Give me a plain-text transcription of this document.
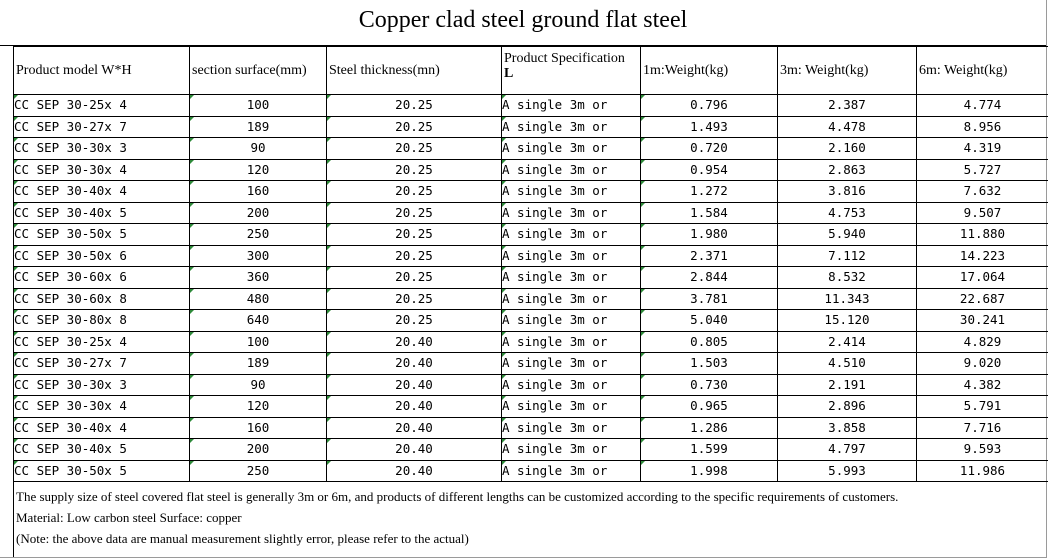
Copper clad steel ground flat steel
Product model W*H	section surface(mm)	Steel thickness(mn)	Product Specification
L	1m:Weight(kg)	3m: Weight(kg)	6m: Weight(kg)
CC SEP 30-25x 4	100	20.25	A single 3m or	0.796	2.387	4.774
CC SEP 30-27x 7	189	20.25	A single 3m or	1.493	4.478	8.956
CC SEP 30-30x 3	90	20.25	A single 3m or	0.720	2.160	4.319
CC SEP 30-30x 4	120	20.25	A single 3m or	0.954	2.863	5.727
CC SEP 30-40x 4	160	20.25	A single 3m or	1.272	3.816	7.632
CC SEP 30-40x 5	200	20.25	A single 3m or	1.584	4.753	9.507
CC SEP 30-50x 5	250	20.25	A single 3m or	1.980	5.940	11.880
CC SEP 30-50x 6	300	20.25	A single 3m or	2.371	7.112	14.223
CC SEP 30-60x 6	360	20.25	A single 3m or	2.844	8.532	17.064
CC SEP 30-60x 8	480	20.25	A single 3m or	3.781	11.343	22.687
CC SEP 30-80x 8	640	20.25	A single 3m or	5.040	15.120	30.241
CC SEP 30-25x 4	100	20.40	A single 3m or	0.805	2.414	4.829
CC SEP 30-27x 7	189	20.40	A single 3m or	1.503	4.510	9.020
CC SEP 30-30x 3	90	20.40	A single 3m or	0.730	2.191	4.382
CC SEP 30-30x 4	120	20.40	A single 3m or	0.965	2.896	5.791
CC SEP 30-40x 4	160	20.40	A single 3m or	1.286	3.858	7.716
CC SEP 30-40x 5	200	20.40	A single 3m or	1.599	4.797	9.593
CC SEP 30-50x 5	250	20.40	A single 3m or	1.998	5.993	11.986
The supply size of steel covered flat steel is generally 3m or 6m, and products of different lengths can be customized according to the specific requirements of customers.
Material: Low carbon steel Surface: copper
(Note: the above data are manual measurement slightly error, please refer to the actual)
